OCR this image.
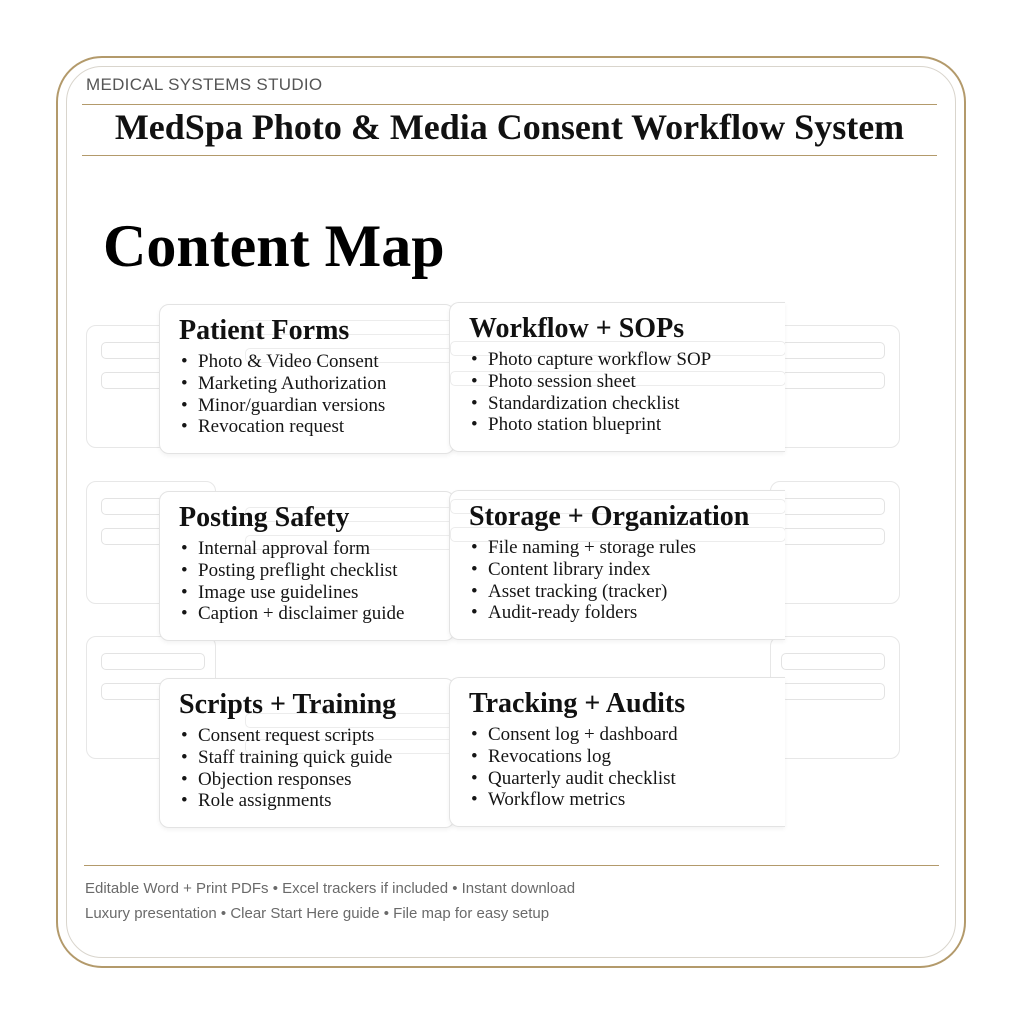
MEDICAL SYSTEMS STUDIO
MedSpa Photo & Media Consent Workflow System
Content Map
Patient Forms
• Photo & Video Consent
• Marketing Authorization
• Minor/guardian versions
• Revocation request
Workflow + SOPs
• Photo capture workflow SOP
• Photo session sheet
• Standardization checklist
• Photo station blueprint
Posting Safety
• Internal approval form
• Posting preflight checklist
• Image use guidelines
• Caption + disclaimer guide
Storage + Organization
• File naming + storage rules
• Content library index
• Asset tracking (tracker)
• Audit-ready folders
Scripts + Training
• Consent request scripts
• Staff training quick guide
• Objection responses
• Role assignments
Tracking + Audits
• Consent log + dashboard
• Revocations log
• Quarterly audit checklist
• Workflow metrics
Editable Word + Print PDFs • Excel trackers if included • Instant download
Luxury presentation • Clear Start Here guide • File map for easy setup
